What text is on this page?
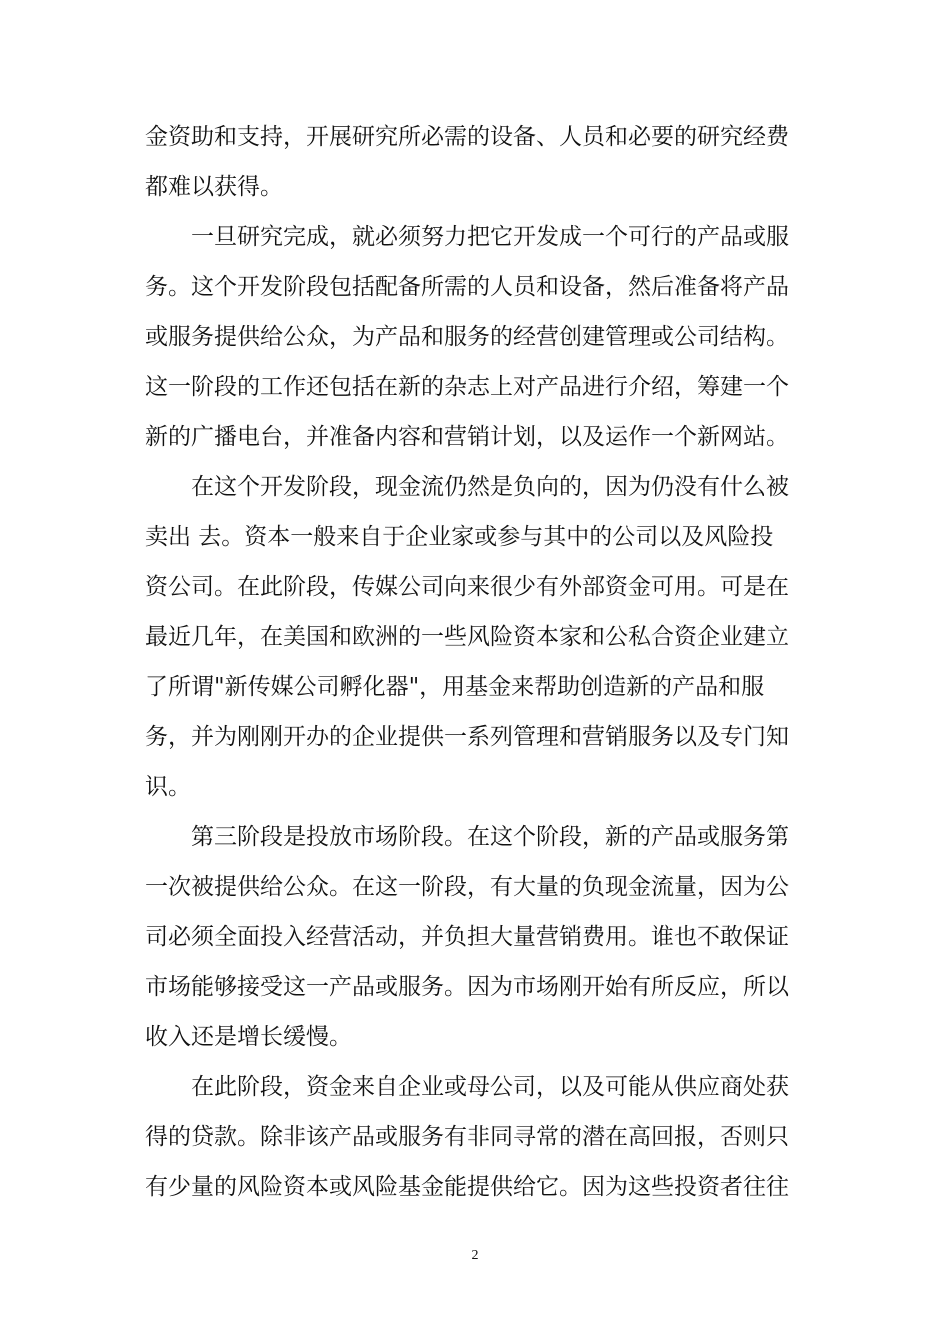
金资助和支持，开展研究所必需的设备、人员和必要的研究经费
都难以获得。
一旦研究完成，就必须努力把它开发成一个可行的产品或服
务。这个开发阶段包括配备所需的人员和设备，然后准备将产品
或服务提供给公众，为产品和服务的经营创建管理或公司结构。
这一阶段的工作还包括在新的杂志上对产品进行介绍，筹建一个
新的广播电台，并准备内容和营销计划，以及运作一个新网站。
在这个开发阶段，现金流仍然是负向的，因为仍没有什么被
卖出 去。资本一般来自于企业家或参与其中的公司以及风险投
资公司。在此阶段，传媒公司向来很少有外部资金可用。可是在
最近几年，在美国和欧洲的一些风险资本家和公私合资企业建立
了所谓"新传媒公司孵化器"，用基金来帮助创造新的产品和服
务，并为刚刚开办的企业提供一系列管理和营销服务以及专门知
识。
第三阶段是投放市场阶段。在这个阶段，新的产品或服务第
一次被提供给公众。在这一阶段，有大量的负现金流量，因为公
司必须全面投入经营活动，并负担大量营销费用。谁也不敢保证
市场能够接受这一产品或服务。因为市场刚开始有所反应，所以
收入还是增长缓慢。
在此阶段，资金来自企业或母公司，以及可能从供应商处获
得的贷款。除非该产品或服务有非同寻常的潜在高回报，否则只
有少量的风险资本或风险基金能提供给它。因为这些投资者往往
2
